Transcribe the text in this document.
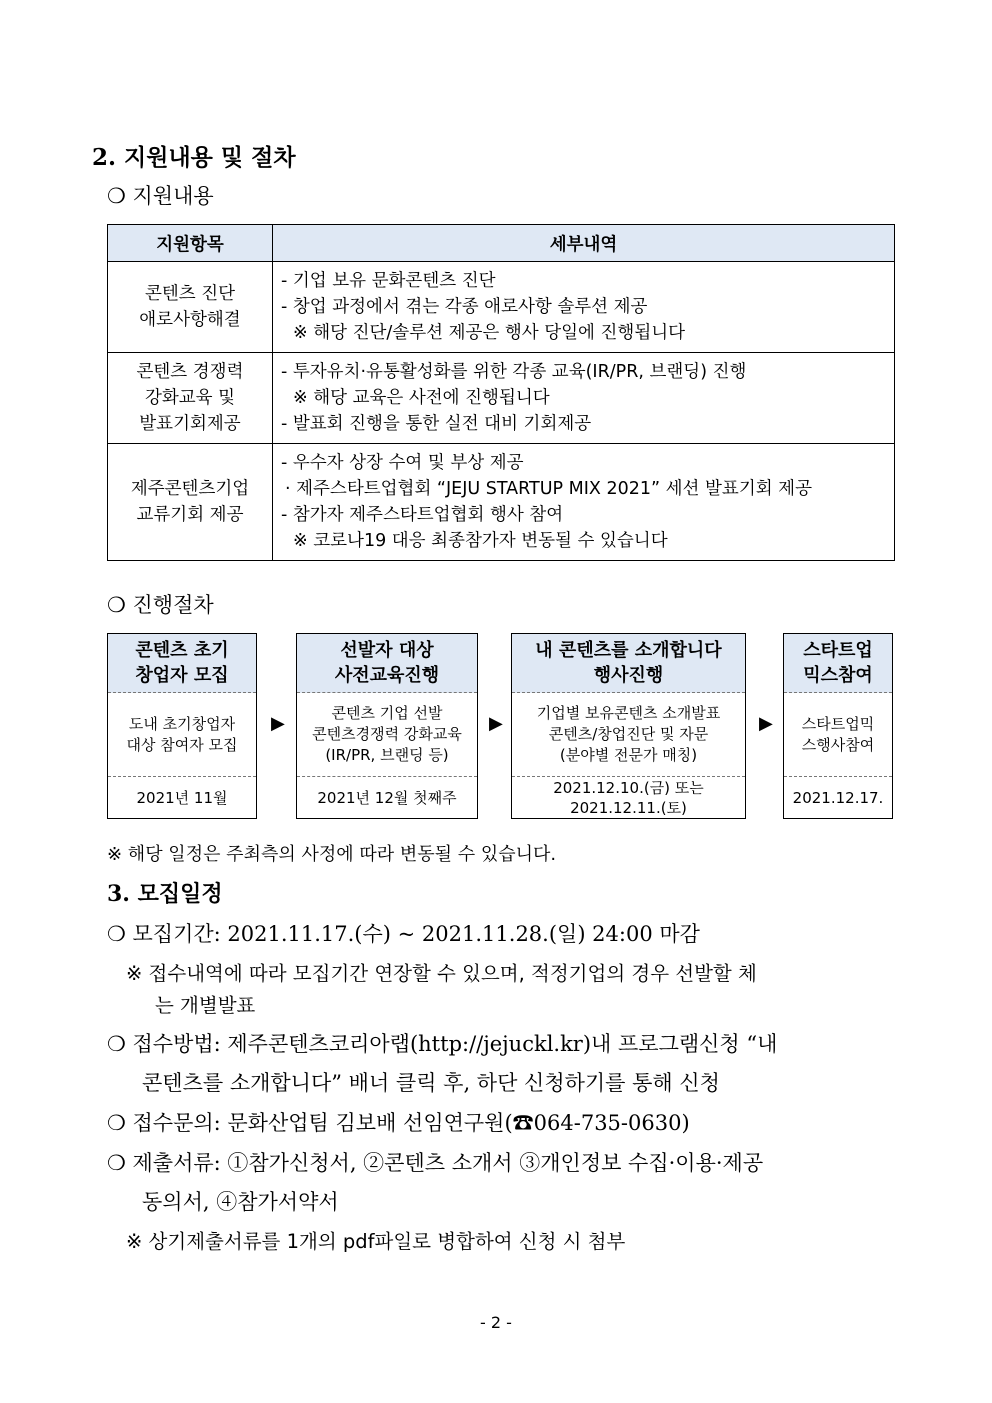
2. 지원내용 및 절차
❍ 지원내용
지원항목	세부내역

콘텐츠 진단
애로사항해결	- 기업 보유 문화콘텐츠 진단
- 창업 과정에서 겪는 각종 애로사항 솔루션 제공
※ 해당 진단/솔루션 제공은 행사 당일에 진행됩니다

콘텐츠 경쟁력
강화교육 및
발표기회제공	- 투자유치·유통활성화를 위한 각종 교육(IR/PR, 브랜딩) 진행
※ 해당 교육은 사전에 진행됩니다
- 발표회 진행을 통한 실전 대비 기회제공

제주콘텐츠기업
교류기회 제공	- 우수자 상장 수여 및 부상 제공
· 제주스타트업협회 “JEJU STARTUP MIX 2021” 세션 발표기회 제공
- 참가자 제주스타트업협회 행사 참여
※ 코로나19 대응 최종참가자 변동될 수 있습니다
❍ 진행절차
콘텐츠 초기
창업자 모집
도내 초기창업자
대상 참여자 모집
2021년 11월
▶
선발자 대상
사전교육진행
콘텐츠 기업 선발
콘텐츠경쟁력 강화교육
(IR/PR, 브랜딩 등)
2021년 12월 첫째주
▶
내 콘텐츠를 소개합니다
행사진행
기업별 보유콘텐츠 소개발표
콘텐츠/창업진단 및 자문
(분야별 전문가 매칭)
2021.12.10.(금) 또는
2021.12.11.(토)
▶
스타트업
믹스참여
스타트업믹
스행사참여
2021.12.17.
※ 해당 일정은 주최측의 사정에 따라 변동될 수 있습니다.
3. 모집일정
❍ 모집기간: 2021.11.17.(수) ~ 2021.11.28.(일) 24:00 마감
※ 접수내역에 따라 모집기간 연장할 수 있으며, 적정기업의 경우 선발할 체
는 개별발표
❍ 접수방법: 제주콘텐츠코리아랩(http://jejuckl.kr)내 프로그램신청 “내
콘텐츠를 소개합니다” 배너 클릭 후, 하단 신청하기를 통해 신청
❍ 접수문의: 문화산업팀 김보배 선임연구원(☎064-735-0630)
❍ 제출서류: ①참가신청서, ②콘텐츠 소개서 ③개인정보 수집·이용·제공
동의서, ④참가서약서
※ 상기제출서류를 1개의 pdf파일로 병합하여 신청 시 첨부
- 2 -
